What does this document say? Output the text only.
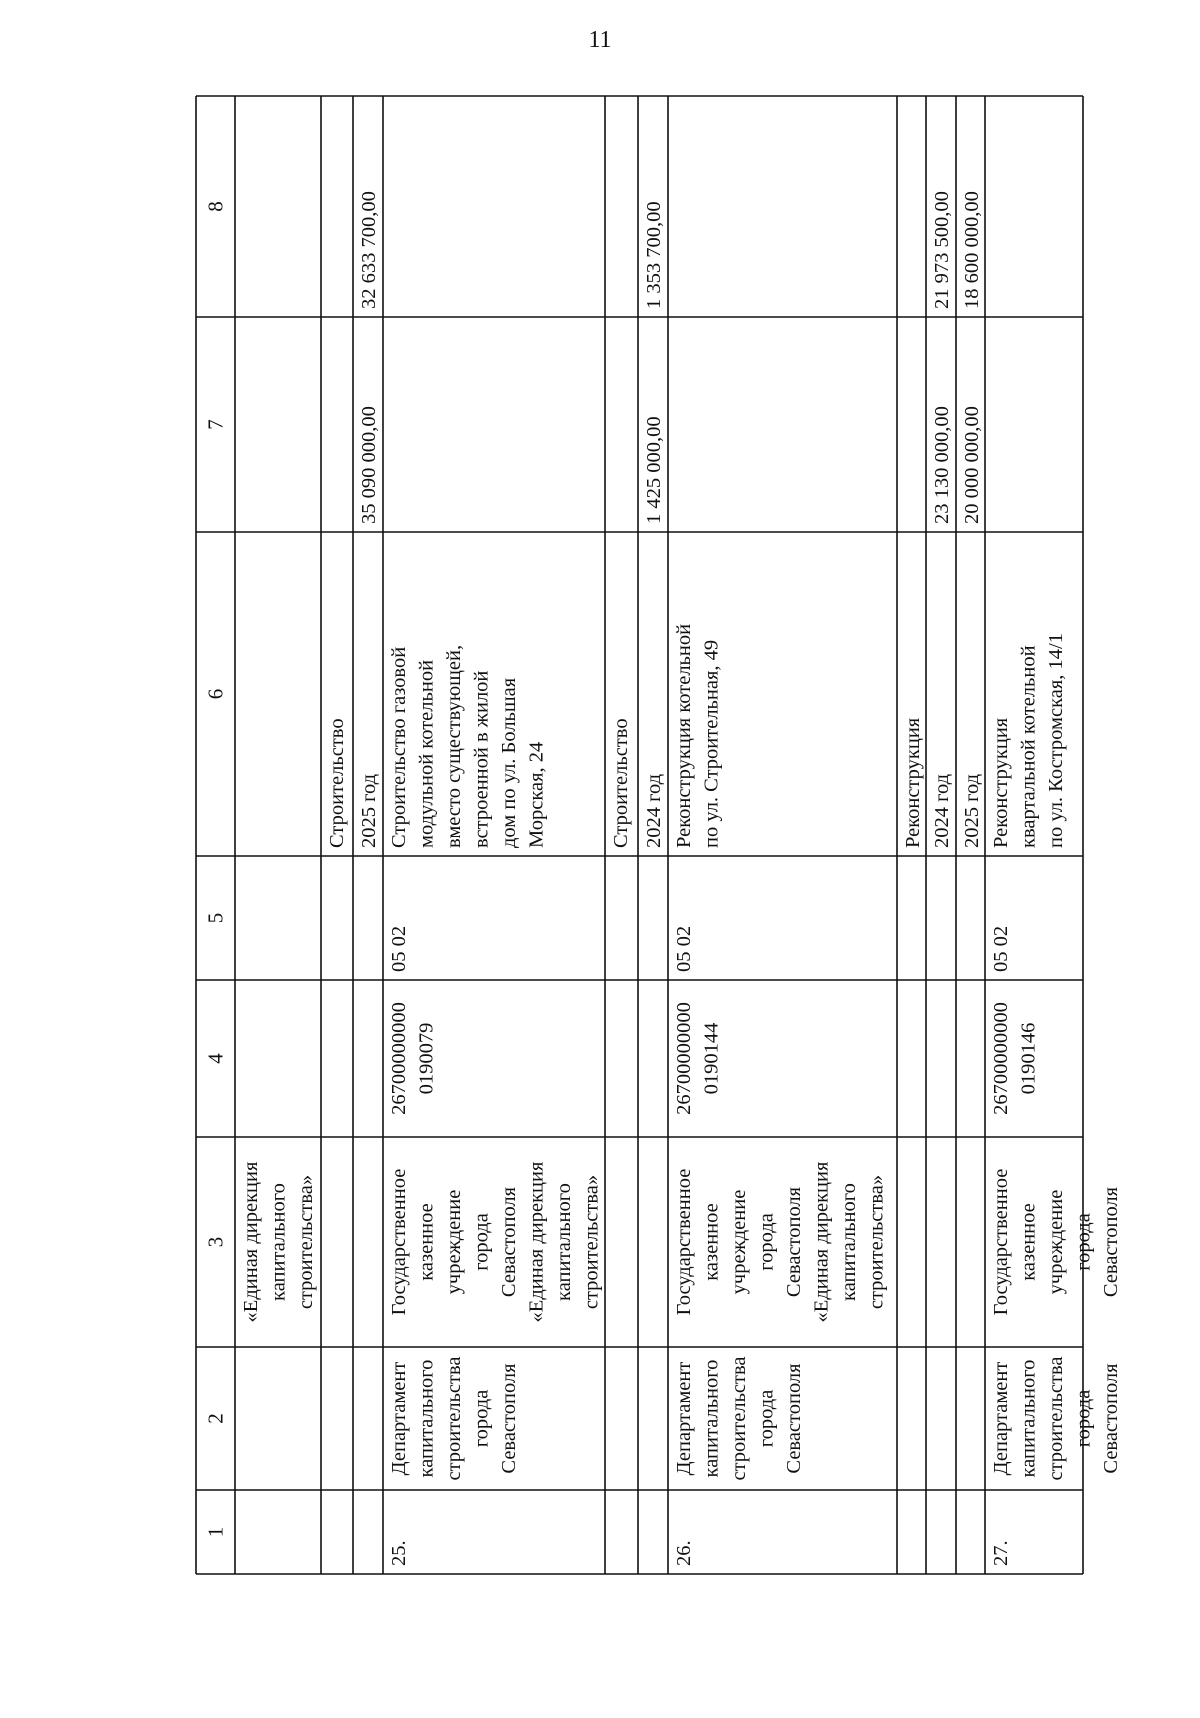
11
1
2
3
4
5
6
7
8
«Единая дирекция капитального строительства»
Строительство 2025 год
35 090 000,00
32 633 700,00
25.
Департамент капитального строительства города Севастополя
Государственное казенное учреждение города Севастополя «Единая дирекция капитального строительства»
26700000000 0190079
05 02
Строительство газовой модульной котельной вместо существующей, встроенной в жилой дом по ул. Большая Морская, 24	Строительство 2024 год
1 425 000,00
1 353 700,00
26.
Департамент капитального строительства города Севастополя
Государственное казенное учреждение города Севастополя «Единая дирекция капитального строительства»
26700000000 0190144
05 02
Реконструкция котельной по ул. Строительная, 49	Реконструкция 2024 год
23 130 000,00
21 973 500,00
2025 год
20 000 000,00
18 600 000,00
27.
Департамент капитального строительства города Севастополя
Государственное казенное учреждение города Севастополя
26700000000 0190146
05 02
Реконструкция квартальной котельной по ул. Костромская, 14/1
